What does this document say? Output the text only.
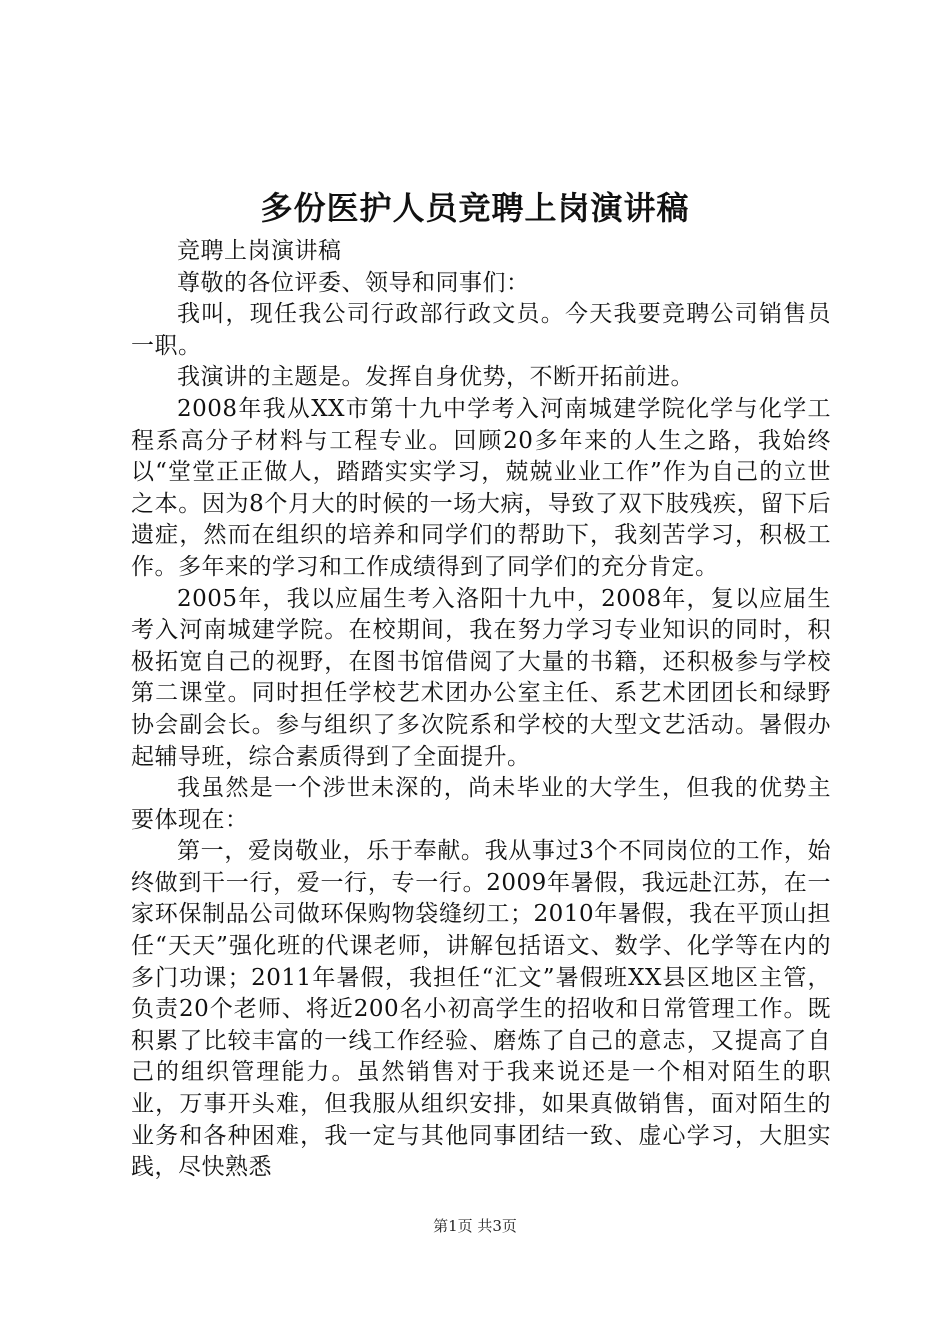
多份医护人员竞聘上岗演讲稿

竞聘上岗演讲稿

尊敬的各位评委、领导和同事们：

我叫，现任我公司行政部行政文员。今天我要竞聘公司销售员一职。

我演讲的主题是。发挥自身优势，不断开拓前进。

2008年我从XX市第十九中学考入河南城建学院化学与化学工程系高分子材料与工程专业。回顾20多年来的人生之路，我始终以“堂堂正正做人，踏踏实实学习，兢兢业业工作”作为自己的立世之本。因为8个月大的时候的一场大病，导致了双下肢残疾，留下后遗症，然而在组织的培养和同学们的帮助下，我刻苦学习，积极工作。多年来的学习和工作成绩得到了同学们的充分肯定。

2005年，我以应届生考入洛阳十九中，2008年，复以应届生考入河南城建学院。在校期间，我在努力学习专业知识的同时，积极拓宽自己的视野，在图书馆借阅了大量的书籍，还积极参与学校第二课堂。同时担任学校艺术团办公室主任、系艺术团团长和绿野协会副会长。参与组织了多次院系和学校的大型文艺活动。暑假办起辅导班，综合素质得到了全面提升。

我虽然是一个涉世未深的，尚未毕业的大学生，但我的优势主要体现在：

第一，爱岗敬业，乐于奉献。我从事过3个不同岗位的工作，始终做到干一行，爱一行，专一行。2009年暑假，我远赴江苏，在一家环保制品公司做环保购物袋缝纫工；2010年暑假，我在平顶山担任“天天”强化班的代课老师，讲解包括语文、数学、化学等在内的多门功课；2011年暑假，我担任“汇文”暑假班XX县区地区主管，负责20个老师、将近200名小初高学生的招收和日常管理工作。既积累了比较丰富的一线工作经验、磨炼了自己的意志，又提高了自己的组织管理能力。虽然销售对于我来说还是一个相对陌生的职业，万事开头难，但我服从组织安排，如果真做销售，面对陌生的业务和各种困难，我一定与其他同事团结一致、虚心学习，大胆实践，尽快熟悉

第1页 共3页
